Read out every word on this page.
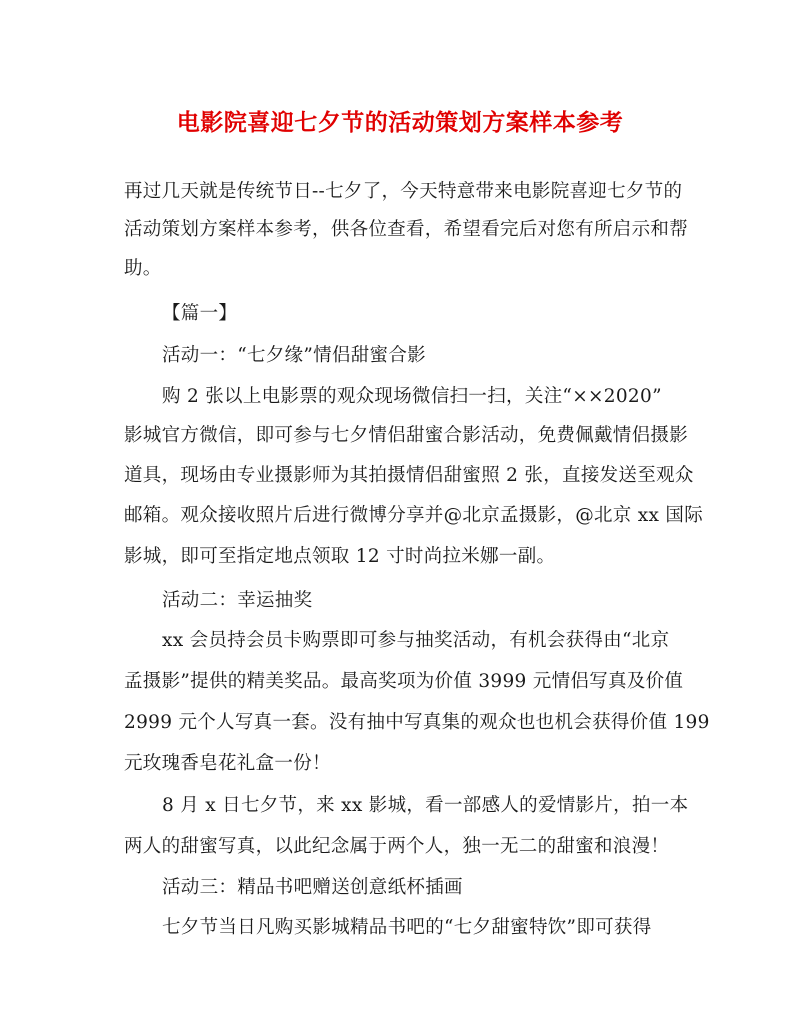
电影院喜迎七夕节的活动策划方案样本参考
再过几天就是传统节日--七夕了，今天特意带来电影院喜迎七夕节的
活动策划方案样本参考，供各位查看，希望看完后对您有所启示和帮
助。
【篇一】
活动一：“七夕缘”情侣甜蜜合影
购 2 张以上电影票的观众现场微信扫一扫，关注“××2020”
影城官方微信，即可参与七夕情侣甜蜜合影活动，免费佩戴情侣摄影
道具，现场由专业摄影师为其拍摄情侣甜蜜照 2 张，直接发送至观众
邮箱。观众接收照片后进行微博分享并@北京孟摄影，@北京 xx 国际
影城，即可至指定地点领取 12 寸时尚拉米娜一副。
活动二：幸运抽奖
xx 会员持会员卡购票即可参与抽奖活动，有机会获得由“北京
孟摄影”提供的精美奖品。最高奖项为价值 3999 元情侣写真及价值
2999 元个人写真一套。没有抽中写真集的观众也也机会获得价值 199
元玫瑰香皂花礼盒一份！
8 月 x 日七夕节，来 xx 影城，看一部感人的爱情影片，拍一本
两人的甜蜜写真，以此纪念属于两个人，独一无二的甜蜜和浪漫！
活动三：精品书吧赠送创意纸杯插画
七夕节当日凡购买影城精品书吧的“七夕甜蜜特饮”即可获得
